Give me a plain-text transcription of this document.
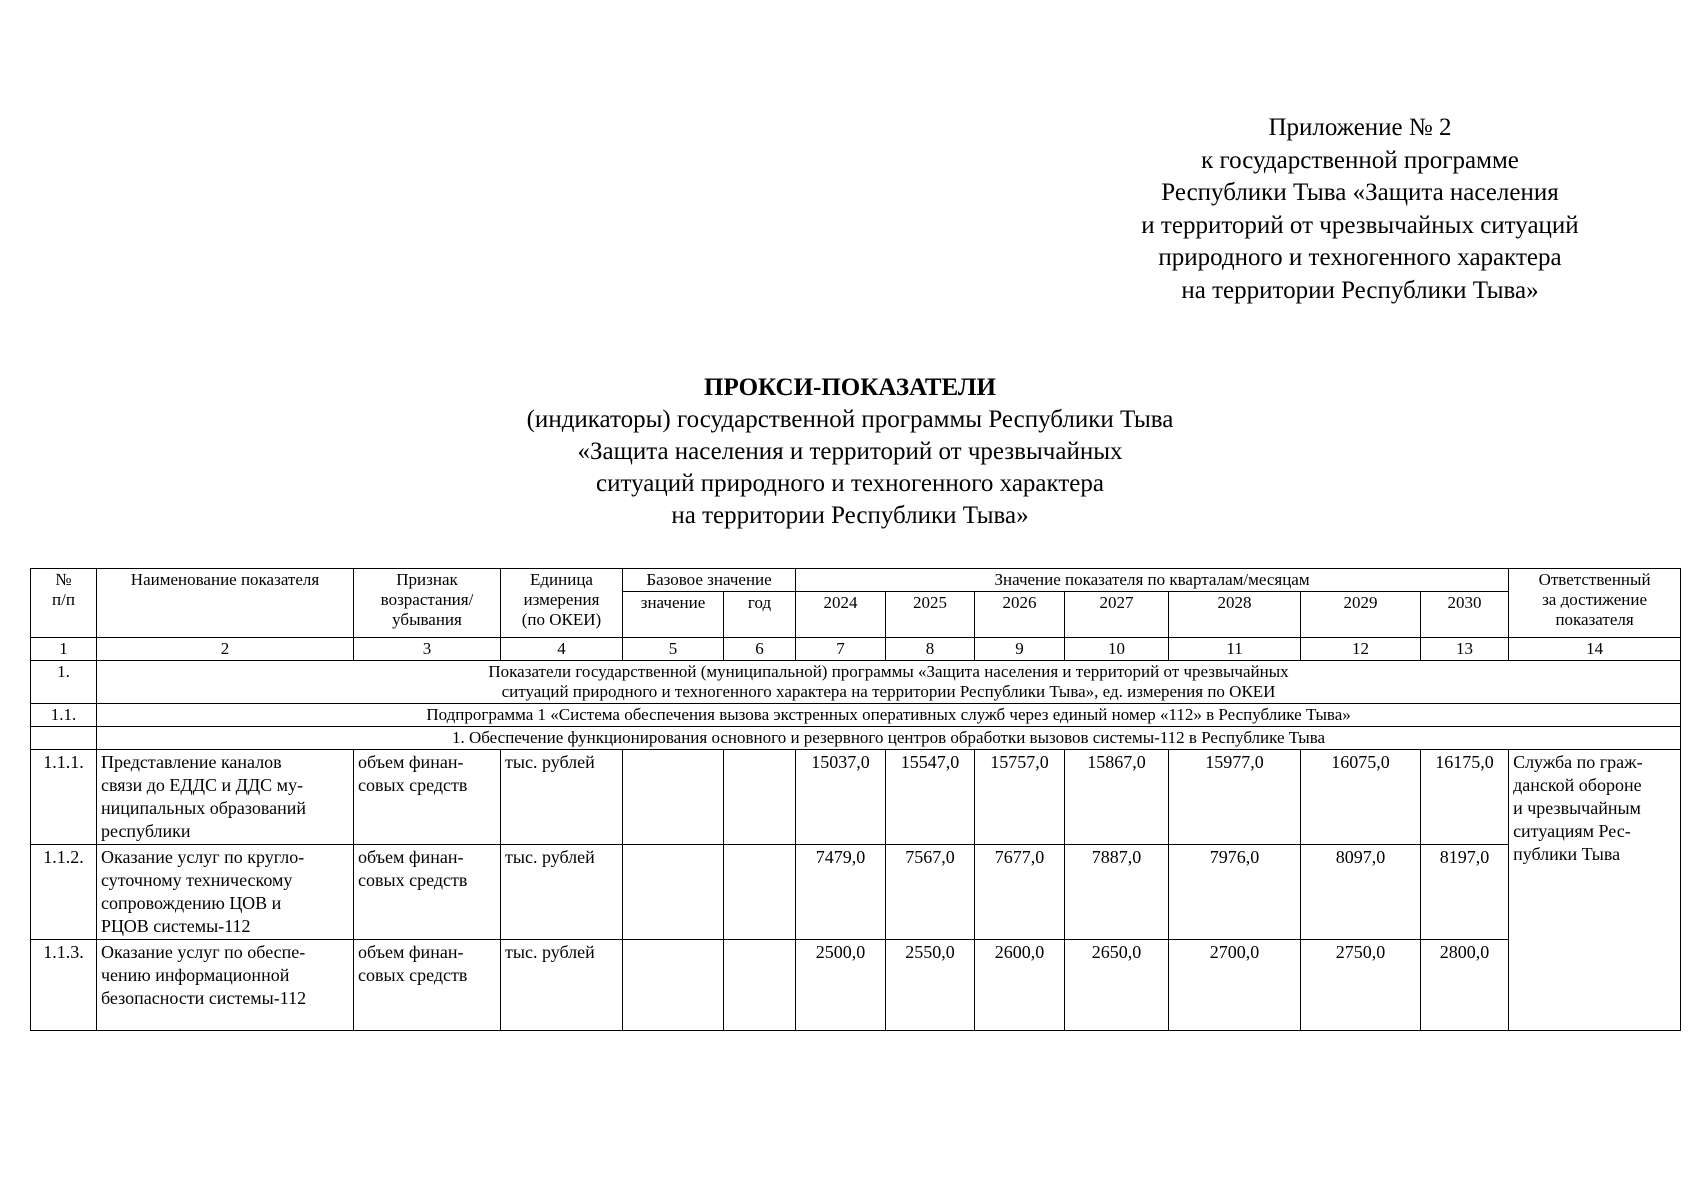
Приложение № 2
к государственной программе
Республики Тыва «Защита населения
и территорий от чрезвычайных ситуаций
природного и техногенного характера
на территории Республики Тыва»
ПРОКСИ-ПОКАЗАТЕЛИ
(индикаторы) государственной программы Республики Тыва
«Защита населения и территорий от чрезвычайных
ситуаций природного и техногенного характера
на территории Республики Тыва»
№
п/п	Наименование показателя	Признак
возрастания/
убывания	Единица
измерения
(по ОКЕИ)	Базовое значение		Значение показателя по кварталам/месяцам							Ответственный
за достижение
показателя
				значение	год	2024	2025	2026	2027	2028	2029	2030	
1	2	3	4	5	6	7	8	9	10	11	12	13	14
1.	Показатели государственной (муниципальной) программы «Защита населения и территорий от чрезвычайных
ситуаций природного и техногенного характера на территории Республики Тыва», ед. измерения по ОКЕИ												
1.1.	Подпрограмма 1 «Система обеспечения вызова экстренных оперативных служб через единый номер «112» в Республике Тыва»												
	1. Обеспечение функционирования основного и резервного центров обработки вызовов системы-112 в Республике Тыва												
1.1.1.	Представление каналов
связи до ЕДДС и ДДС му-
ниципальных образований
республики	объем финан-
совых средств	тыс. рублей			15037,0	15547,0	15757,0	15867,0	15977,0	16075,0	16175,0	Служба по граж-
данской обороне
и чрезвычайным
ситуациям Рес-
публики Тыва
1.1.2.	Оказание услуг по кругло-
суточному техническому
сопровождению ЦОВ и
РЦОВ системы-112	объем финан-
совых средств	тыс. рублей			7479,0	7567,0	7677,0	7887,0	7976,0	8097,0	8197,0	
1.1.3.	Оказание услуг по обеспе-
чению информационной
безопасности системы-112	объем финан-
совых средств	тыс. рублей			2500,0	2550,0	2600,0	2650,0	2700,0	2750,0	2800,0	
